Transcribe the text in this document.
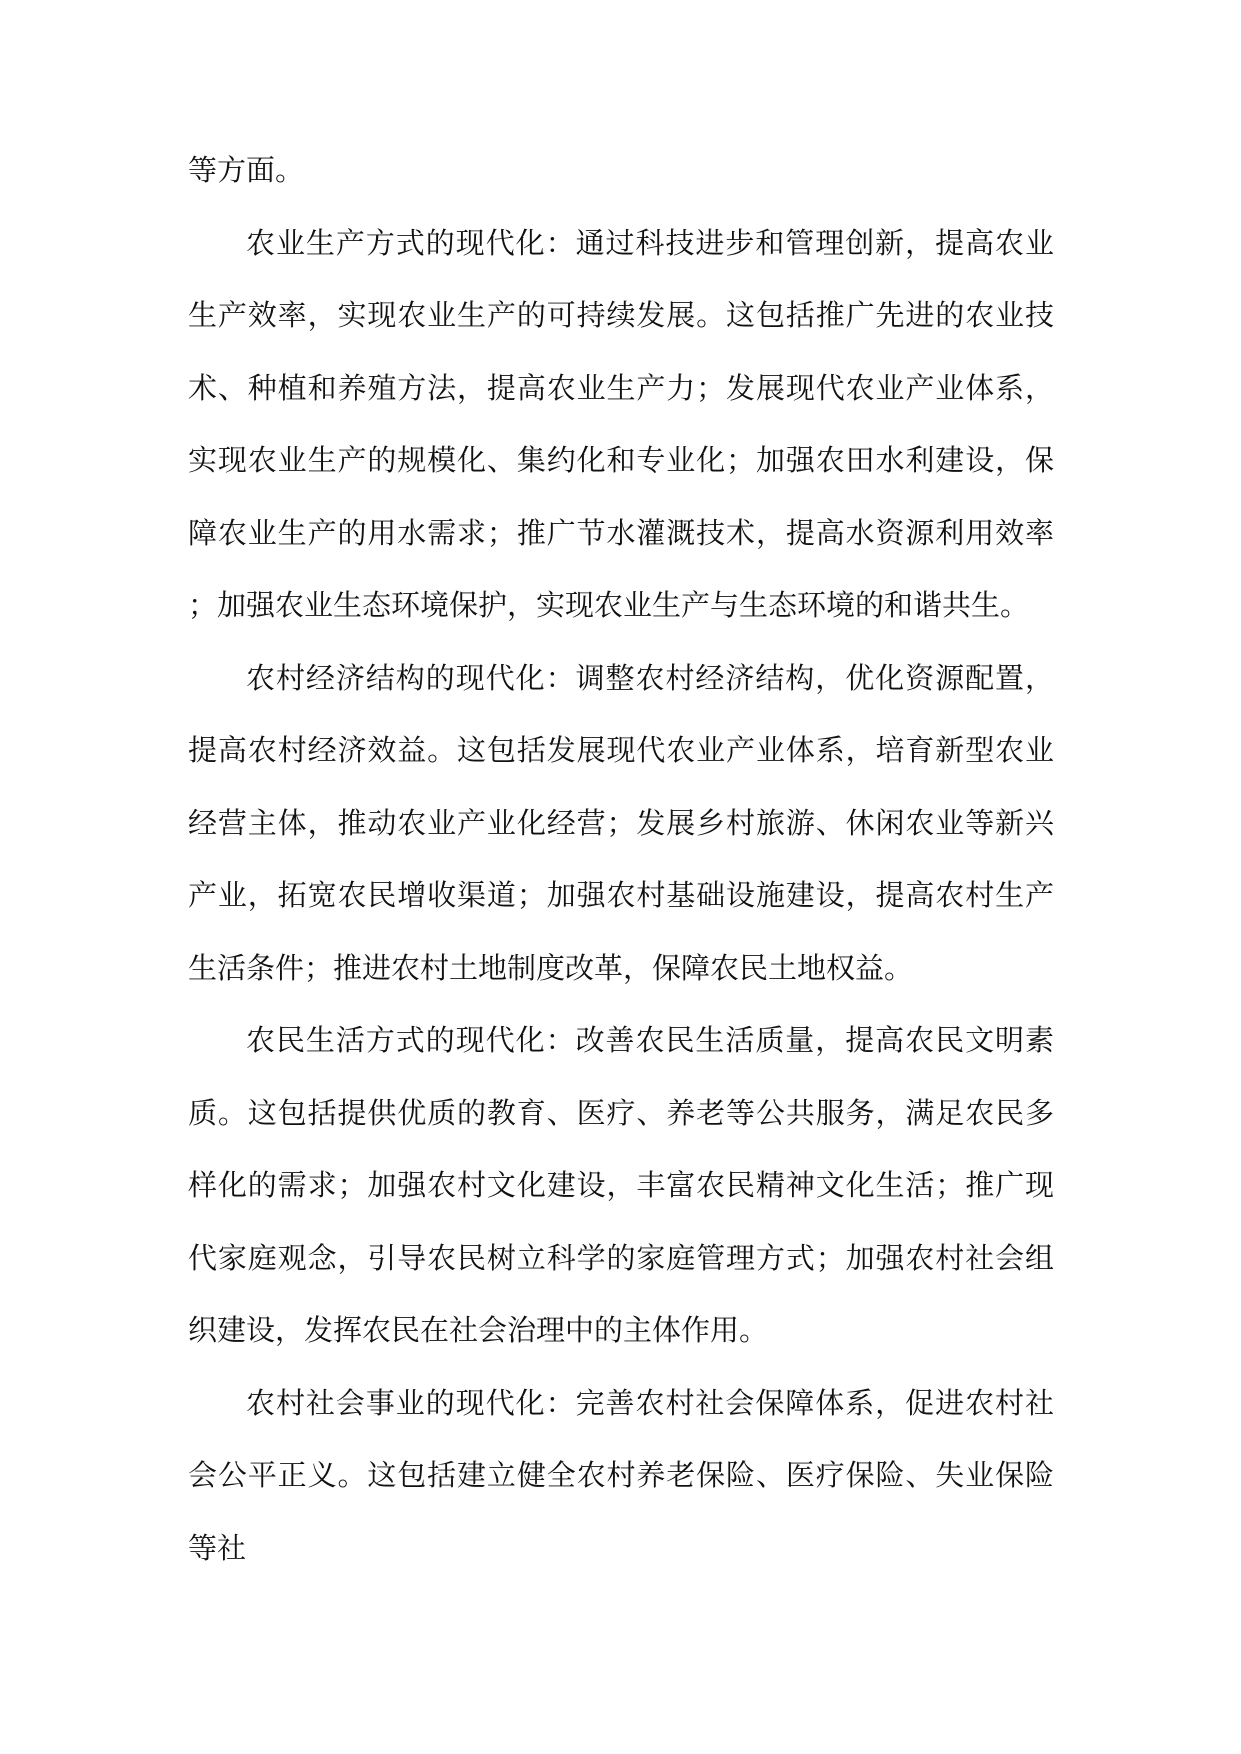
等方面。

农业生产方式的现代化：通过科技进步和管理创新，提高农业生产效率，实现农业生产的可持续发展。这包括推广先进的农业技术、种植和养殖方法，提高农业生产力；发展现代农业产业体系，实现农业生产的规模化、集约化和专业化；加强农田水利建设，保障农业生产的用水需求；推广节水灌溉技术，提高水资源利用效率；加强农业生态环境保护，实现农业生产与生态环境的和谐共生。

农村经济结构的现代化：调整农村经济结构，优化资源配置，提高农村经济效益。这包括发展现代农业产业体系，培育新型农业经营主体，推动农业产业化经营；发展乡村旅游、休闲农业等新兴产业，拓宽农民增收渠道；加强农村基础设施建设，提高农村生产生活条件；推进农村土地制度改革，保障农民土地权益。

农民生活方式的现代化：改善农民生活质量，提高农民文明素质。这包括提供优质的教育、医疗、养老等公共服务，满足农民多样化的需求；加强农村文化建设，丰富农民精神文化生活；推广现代家庭观念，引导农民树立科学的家庭管理方式；加强农村社会组织建设，发挥农民在社会治理中的主体作用。

农村社会事业的现代化：完善农村社会保障体系，促进农村社会公平正义。这包括建立健全农村养老保险、医疗保险、失业保险等社
